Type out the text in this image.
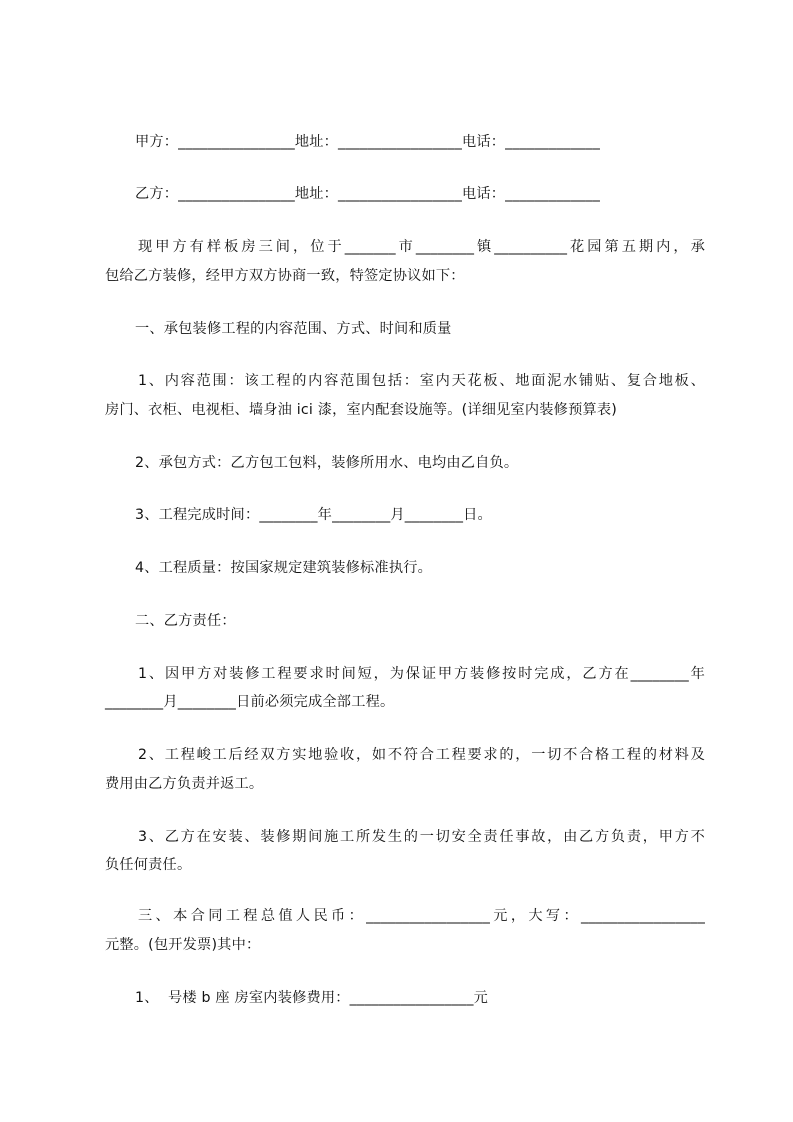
甲方：________________地址：_________________电话：_____________
乙方：________________地址：_________________电话：_____________
现甲方有样板房三间，位于_______市________镇__________花园第五期内，承
包给乙方装修，经甲方双方协商一致，特签定协议如下：
一、承包装修工程的内容范围、方式、时间和质量
1、内容范围：该工程的内容范围包括：室内天花板、地面泥水铺贴、复合地板、
房门、衣柜、电视柜、墙身油 ici 漆，室内配套设施等。(详细见室内装修预算表)
2、承包方式：乙方包工包料，装修所用水、电均由乙自负。
3、工程完成时间：________年________月________日。
4、工程质量：按国家规定建筑装修标准执行。
二、乙方责任：
1、因甲方对装修工程要求时间短，为保证甲方装修按时完成，乙方在________年
________月________日前必须完成全部工程。
2、工程峻工后经双方实地验收，如不符合工程要求的，一切不合格工程的材料及
费用由乙方负责并返工。
3、乙方在安装、装修期间施工所发生的一切安全责任事故，由乙方负责，甲方不
负任何责任。
三、本合同工程总值人民币：_________________元，大写：_________________
元整。(包开发票)其中：
1、  号楼 b 座 房室内装修费用：_________________元
